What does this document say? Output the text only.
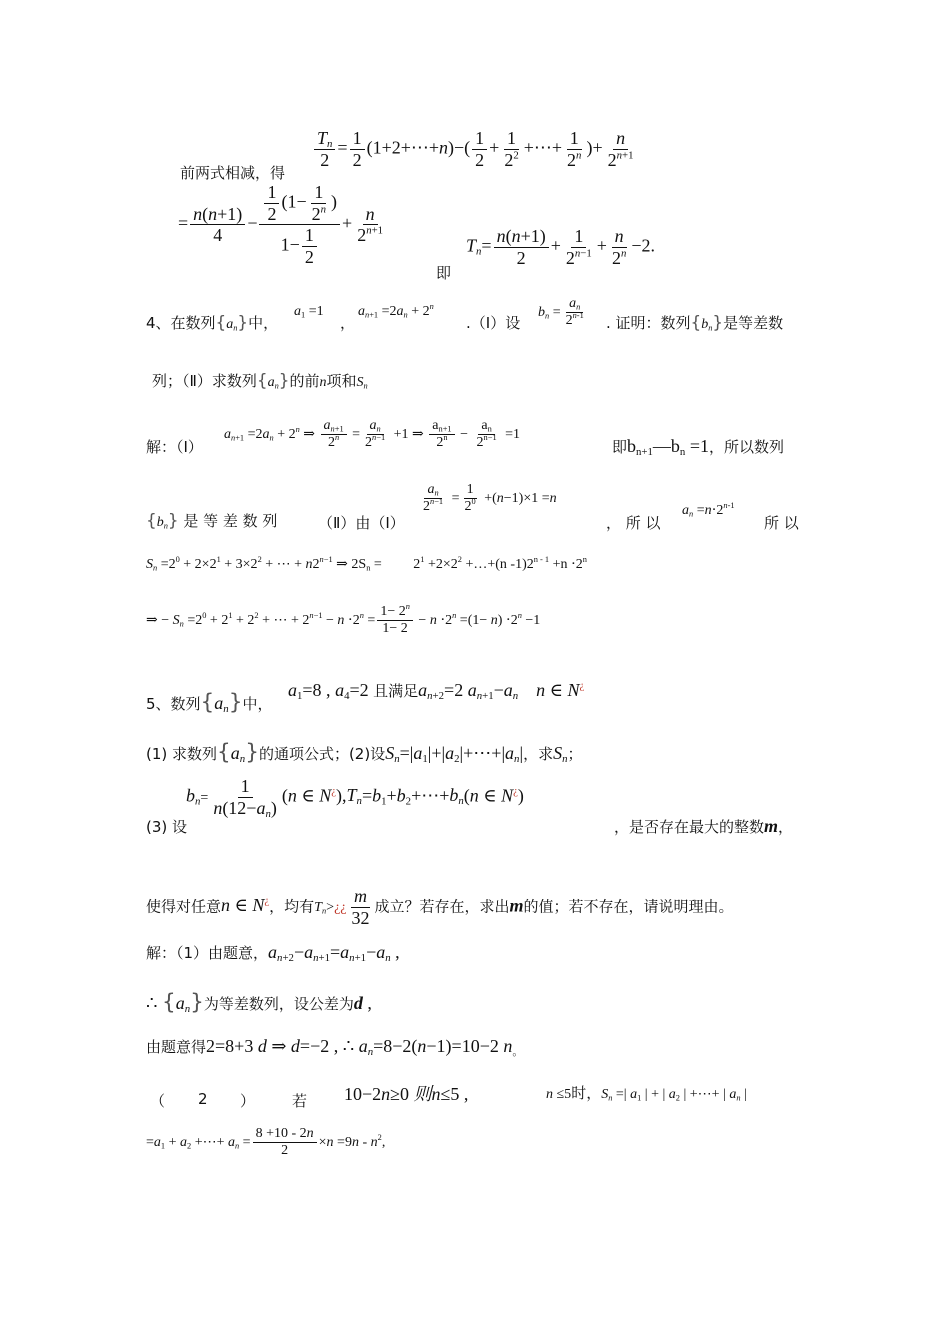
前两式相减，得
$\frac{T_n}{2} = \frac{1}{2}$ (1+2+⋯+n)−( $\frac{1}{2} + \frac{1}{2^2}$ +⋯+ $\frac{1}{2^n}$ )+ $\frac{n}{2^{n+1}}$
= $\frac{n(n+1)}{4} - \frac{\frac{1}{2} (1- \frac{1}{2^n} )}{1- \frac{1}{2}} + \frac{n}{2^{n+1}}$
即
$T_n= \frac{n(n+1)}{2} + \frac{1}{2^{n-1}} + \frac{n}{2^n} -2$.
4、在数列$\{a_n\}$中，
$a_1 =1$
，
$a_{n+1} =2a_n + 2^n$
.（Ⅰ）设
$b_n = \frac{a_n}{2^{n-1}}$ . 证明：数列$\{b_n\}$是等差数
列；（Ⅱ）求数列$\{a_n\}$的前n项和$S_n$
解：（Ⅰ）
$a_{n+1} =2a_n + 2^n$ ⇒ $\frac{a_{n+1}}{2^n} = \frac{a_n}{2^{n-1}} +1$ ⇒ $\frac{a_{n+1}}{2^n} - \frac{a_n}{2^{n-1}} =1$
即$b_{n+1}—b_n =1$，所以数列
$\{b_n\}$ 是 等 差 数 列	（Ⅱ）由（Ⅰ）
$\frac{a_n}{2^{n-1}} = \frac{1}{2^0} +(n-1)\times 1 =n$
， 所 以
$a_n =n\cdot 2^{n-1}$
所 以
$S_n =2^0 + 2\times 2^1 + 3\times 2^2$ + ⋯ + $n2^{n-1}$ ⇒ $2S_n$ =         $2^1 +2\times 2^2$ +…+(n $-1)2^{n - 1} +n \cdot 2^n$
⇒ − $S_n =2^0 + 2^1 + 2^2$ + ⋯ + $2^{n-1} - n \cdot 2^n = \frac{1- 2^n}{1- 2} - n \cdot 2^n =(1- n) \cdot 2^n -1$
5、数列$\{a_n\}$中，
$a_1=8$ , $a_4=2$ 且满足$a_{n+2}=2$ $a_{n+1}-a_n$ n ∈ N¿
(1) 求数列$\{a_n\}$的通项公式；(2)设$S_n=|a_1|+|a_2|+\cdots+|a_n|$，求$S_n$；
(3) 设
$b_n= \frac{1}{n(12-a_n)} (n$ ∈ $N^¿),T_n=b_1+b_2+\cdots+b_n(n$ ∈ N¿)
，是否存在最大的整数m，
使得对任意n ∈ N¿，均有$T_n>¿¿ \frac{m}{32}$ 成立？若存在，求出m的值；若不存在，请说明理由。
解：（1）由题意，$a_{n+2}-a_{n+1}=a_{n+1}-a_n$ ,
∴ $\{a_n\}$为等差数列，设公差为d ,
由题意得2=8+3 d ⇒ d=−2 , ∴ $a_n=8-2(n-1)=10-2$ $n_。$
（ 2 ） 若 10−2n≥0 则n≤5 ,	n ≤5时，$S_n$ =| $a_1$ | + | $a_2$ | +⋯+ | $a_n$ |
$=a_1 + a_2$ +⋯+ $a_n = \frac{8 +10 - 2n}{2} \times n =9n - n^2$,
